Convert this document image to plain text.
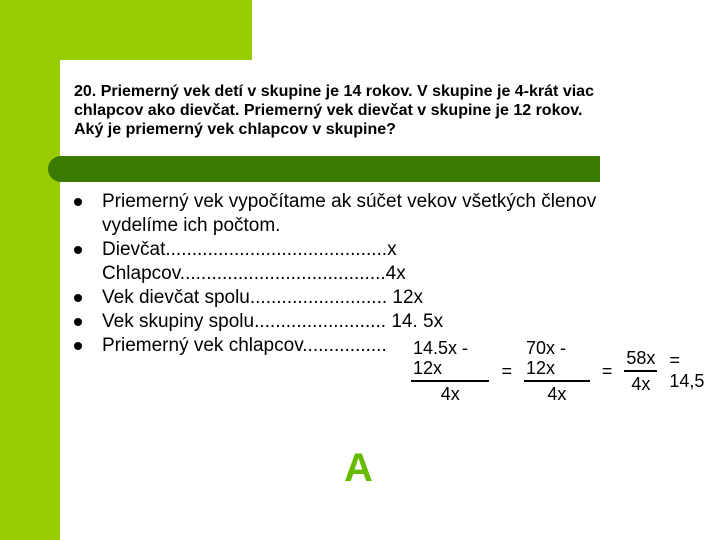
20. Priemerný vek detí v skupine je 14 rokov. V skupine je 4-krát viac
chlapcov ako dievčat. Priemerný vek dievčat v skupine je 12 rokov.
Aký je priemerný vek chlapcov v skupine?
Priemerný vek vypočítame ak súčet vekov všetkých členov
vydelíme ich počtom.
Dievčat..........................................x
Chlapcov.......................................4x
Vek dievčat spolu.......................... 12x
Vek skupiny spolu......................... 14. 5x
Priemerný vek chlapcov................	$\frac{14.5x - 12x}{4x} = \frac{70x - 12x}{4x} = \frac{58x}{4x} = 14,5$
A
